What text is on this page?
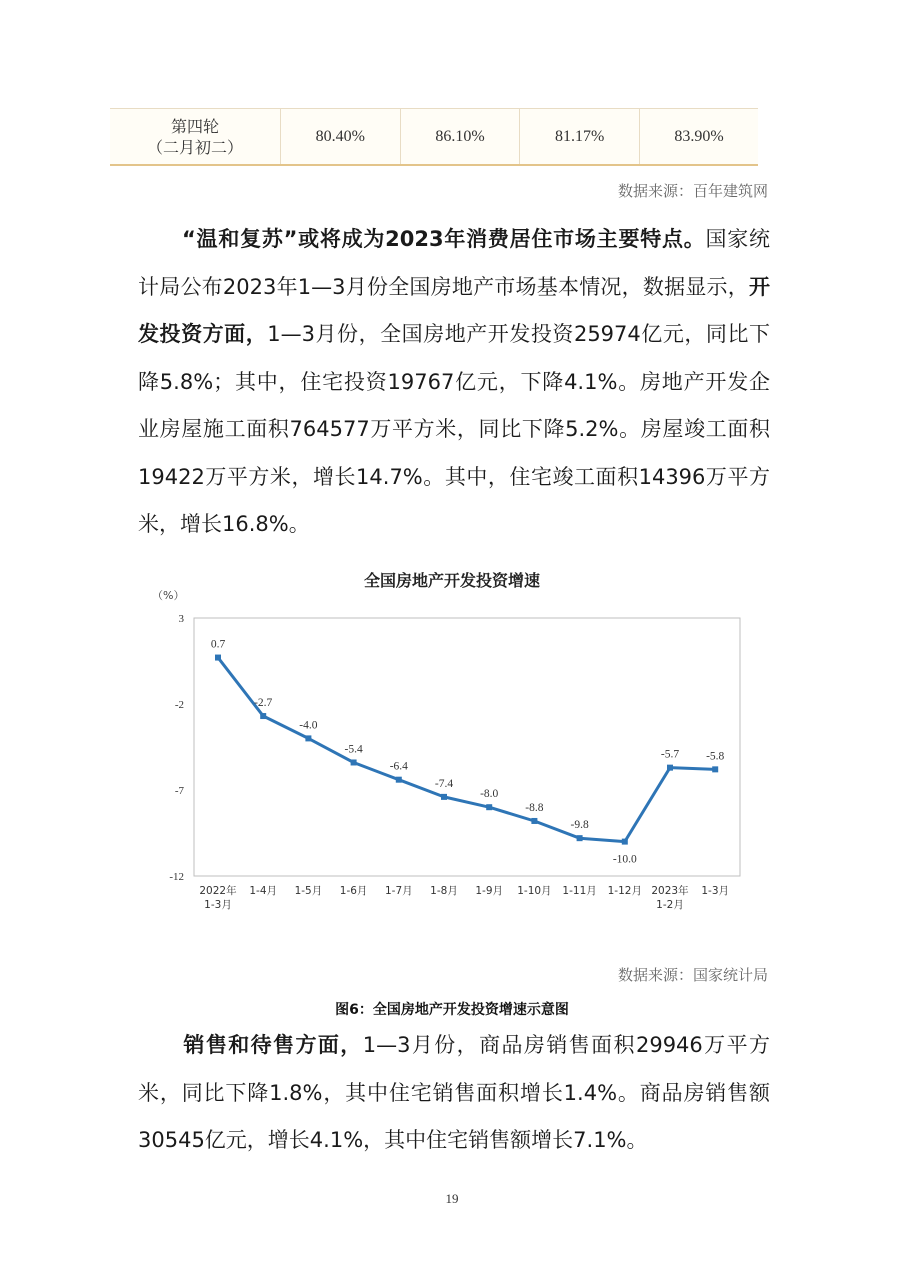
第四轮
（二月初二）
	80.40%	86.10%	81.17%	83.90%
数据来源：百年建筑网
“温和复苏”或将成为2023年消费居住市场主要特点。国家统计局公布2023年1—3月份全国房地产市场基本情况，数据显示，开发投资方面，1—3月份，全国房地产开发投资25974亿元，同比下降5.8%；其中，住宅投资19767亿元，下降4.1%。房地产开发企业房屋施工面积764577万平方米，同比下降5.2%。房屋竣工面积19422万平方米，增长14.7%。其中，住宅竣工面积14396万平方米，增长16.8%。
全国房地产开发投资增速
（%）
3
-2
-7
-12
2022年
1-3月
1-4月 1-5月 1-6月 1-7月 1-8月 1-9月 1-10月 1-11月 1-12月 2023年
1-2月
1-3月
0.7
-2.7
-4.0
-5.4
-6.4
-7.4
-8.0
-8.8
-9.8
-10.0
-5.7 -5.8
数据来源：国家统计局
图6：全国房地产开发投资增速示意图
销售和待售方面，1—3月份，商品房销售面积29946万平方米，同比下降1.8%，其中住宅销售面积增长1.4%。商品房销售额30545亿元，增长4.1%，其中住宅销售额增长7.1%。
19
